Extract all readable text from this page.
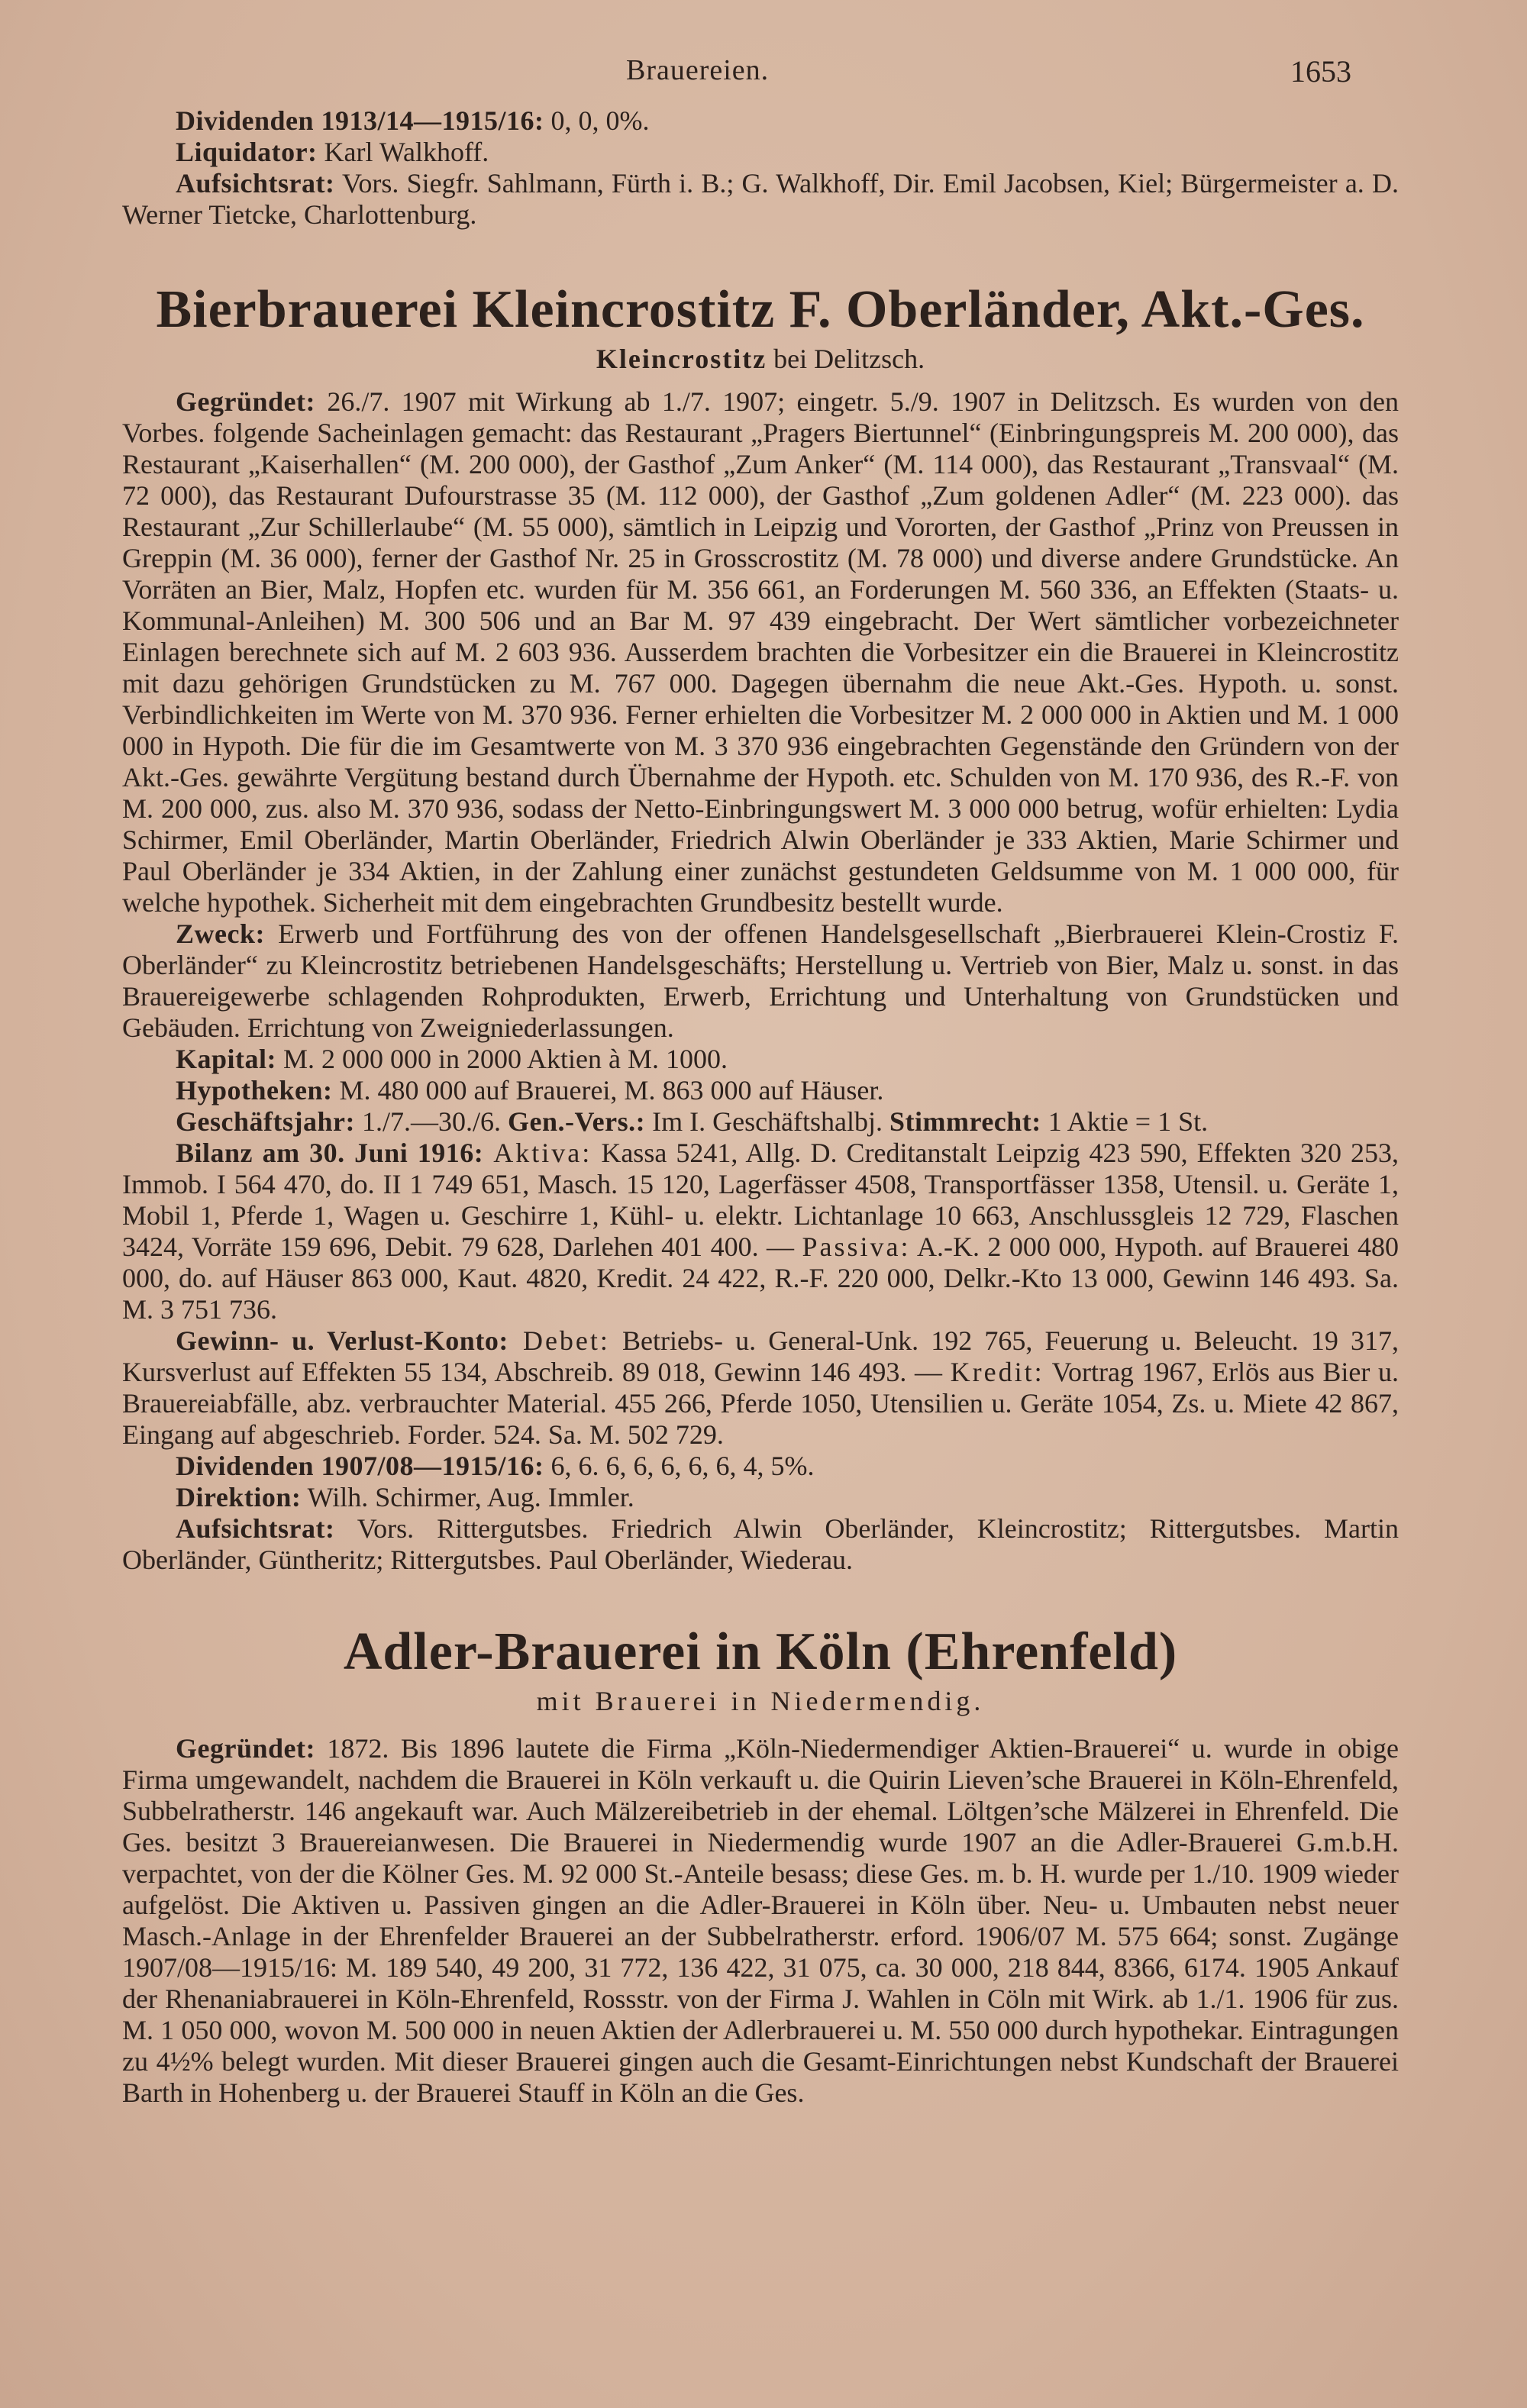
Brauereien.	1653

Dividenden 1913/14—1915/16: 0, 0, 0%.

Liquidator: Karl Walkhoff.

Aufsichtsrat: Vors. Siegfr. Sahlmann, Fürth i. B.; G. Walkhoff, Dir. Emil Jacobsen, Kiel; Bürgermeister a. D. Werner Tietcke, Charlottenburg.

Bierbrauerei Kleincrostitz F. Oberländer, Akt.-Ges.
Kleincrostitz bei Delitzsch.

Gegründet: 26./7. 1907 mit Wirkung ab 1./7. 1907; eingetr. 5./9. 1907 in Delitzsch. Es wurden von den Vorbes. folgende Sacheinlagen gemacht: das Restaurant „Pragers Biertunnel“ (Einbringungspreis M. 200 000), das Restaurant „Kaiserhallen“ (M. 200 000), der Gasthof „Zum Anker“ (M. 114 000), das Restaurant „Transvaal“ (M. 72 000), das Restaurant Dufourstrasse 35 (M. 112 000), der Gasthof „Zum goldenen Adler“ (M. 223 000). das Restaurant „Zur Schillerlaube“ (M. 55 000), sämtlich in Leipzig und Vororten, der Gasthof „Prinz von Preussen in Greppin (M. 36 000), ferner der Gasthof Nr. 25 in Grosscrostitz (M. 78 000) und diverse andere Grundstücke. An Vorräten an Bier, Malz, Hopfen etc. wurden für M. 356 661, an Forderungen M. 560 336, an Effekten (Staats- u. Kommunal-Anleihen) M. 300 506 und an Bar M. 97 439 eingebracht. Der Wert sämtlicher vorbezeichneter Einlagen berechnete sich auf M. 2 603 936. Ausserdem brachten die Vorbesitzer ein die Brauerei in Kleincrostitz mit dazu gehörigen Grundstücken zu M. 767 000. Dagegen übernahm die neue Akt.-Ges. Hypoth. u. sonst. Verbindlichkeiten im Werte von M. 370 936. Ferner erhielten die Vorbesitzer M. 2 000 000 in Aktien und M. 1 000 000 in Hypoth. Die für die im Gesamtwerte von M. 3 370 936 eingebrachten Gegenstände den Gründern von der Akt.-Ges. gewährte Vergütung bestand durch Übernahme der Hypoth. etc. Schulden von M. 170 936, des R.-F. von M. 200 000, zus. also M. 370 936, sodass der Netto-Einbringungswert M. 3 000 000 betrug, wofür erhielten: Lydia Schirmer, Emil Oberländer, Martin Oberländer, Friedrich Alwin Oberländer je 333 Aktien, Marie Schirmer und Paul Oberländer je 334 Aktien, in der Zahlung einer zunächst gestundeten Geldsumme von M. 1 000 000, für welche hypothek. Sicherheit mit dem eingebrachten Grundbesitz bestellt wurde.

Zweck: Erwerb und Fortführung des von der offenen Handelsgesellschaft „Bierbrauerei Klein-Crostiz F. Oberländer“ zu Kleincrostitz betriebenen Handelsgeschäfts; Herstellung u. Vertrieb von Bier, Malz u. sonst. in das Brauereigewerbe schlagenden Rohprodukten, Erwerb, Errichtung und Unterhaltung von Grundstücken und Gebäuden. Errichtung von Zweigniederlassungen.

Kapital: M. 2 000 000 in 2000 Aktien à M. 1000.

Hypotheken: M. 480 000 auf Brauerei, M. 863 000 auf Häuser.

Geschäftsjahr: 1./7.—30./6. Gen.-Vers.: Im I. Geschäftshalbj. Stimmrecht: 1 Aktie = 1 St.

Bilanz am 30. Juni 1916: Aktiva: Kassa 5241, Allg. D. Creditanstalt Leipzig 423 590, Effekten 320 253, Immob. I 564 470, do. II 1 749 651, Masch. 15 120, Lagerfässer 4508, Transportfässer 1358, Utensil. u. Geräte 1, Mobil 1, Pferde 1, Wagen u. Geschirre 1, Kühl- u. elektr. Lichtanlage 10 663, Anschlussgleis 12 729, Flaschen 3424, Vorräte 159 696, Debit. 79 628, Darlehen 401 400. — Passiva: A.-K. 2 000 000, Hypoth. auf Brauerei 480 000, do. auf Häuser 863 000, Kaut. 4820, Kredit. 24 422, R.-F. 220 000, Delkr.-Kto 13 000, Gewinn 146 493. Sa. M. 3 751 736.

Gewinn- u. Verlust-Konto: Debet: Betriebs- u. General-Unk. 192 765, Feuerung u. Beleucht. 19 317, Kursverlust auf Effekten 55 134, Abschreib. 89 018, Gewinn 146 493. — Kredit: Vortrag 1967, Erlös aus Bier u. Brauereiabfälle, abz. verbrauchter Material. 455 266, Pferde 1050, Utensilien u. Geräte 1054, Zs. u. Miete 42 867, Eingang auf abgeschrieb. Forder. 524. Sa. M. 502 729.

Dividenden 1907/08—1915/16: 6, 6. 6, 6, 6, 6, 6, 4, 5%.

Direktion: Wilh. Schirmer, Aug. Immler.

Aufsichtsrat: Vors. Rittergutsbes. Friedrich Alwin Oberländer, Kleincrostitz; Rittergutsbes. Martin Oberländer, Güntheritz; Rittergutsbes. Paul Oberländer, Wiederau.

Adler-Brauerei in Köln (Ehrenfeld)
mit Brauerei in Niedermendig.

Gegründet: 1872. Bis 1896 lautete die Firma „Köln-Niedermendiger Aktien-Brauerei“ u. wurde in obige Firma umgewandelt, nachdem die Brauerei in Köln verkauft u. die Quirin Lieven’sche Brauerei in Köln-Ehrenfeld, Subbelratherstr. 146 angekauft war. Auch Mälzereibetrieb in der ehemal. Löltgen’sche Mälzerei in Ehrenfeld. Die Ges. besitzt 3 Brauereianwesen. Die Brauerei in Niedermendig wurde 1907 an die Adler-Brauerei G.m.b.H. verpachtet, von der die Kölner Ges. M. 92 000 St.-Anteile besass; diese Ges. m. b. H. wurde per 1./10. 1909 wieder aufgelöst. Die Aktiven u. Passiven gingen an die Adler-Brauerei in Köln über. Neu- u. Umbauten nebst neuer Masch.-Anlage in der Ehrenfelder Brauerei an der Subbelratherstr. erford. 1906/07 M. 575 664; sonst. Zugänge 1907/08—1915/16: M. 189 540, 49 200, 31 772, 136 422, 31 075, ca. 30 000, 218 844, 8366, 6174. 1905 Ankauf der Rhenaniabrauerei in Köln-Ehrenfeld, Rossstr. von der Firma J. Wahlen in Cöln mit Wirk. ab 1./1. 1906 für zus. M. 1 050 000, wovon M. 500 000 in neuen Aktien der Adlerbrauerei u. M. 550 000 durch hypothekar. Eintragungen zu 4½% belegt wurden. Mit dieser Brauerei gingen auch die Gesamt-Einrichtungen nebst Kundschaft der Brauerei Barth in Hohenberg u. der Brauerei Stauff in Köln an die Ges.
